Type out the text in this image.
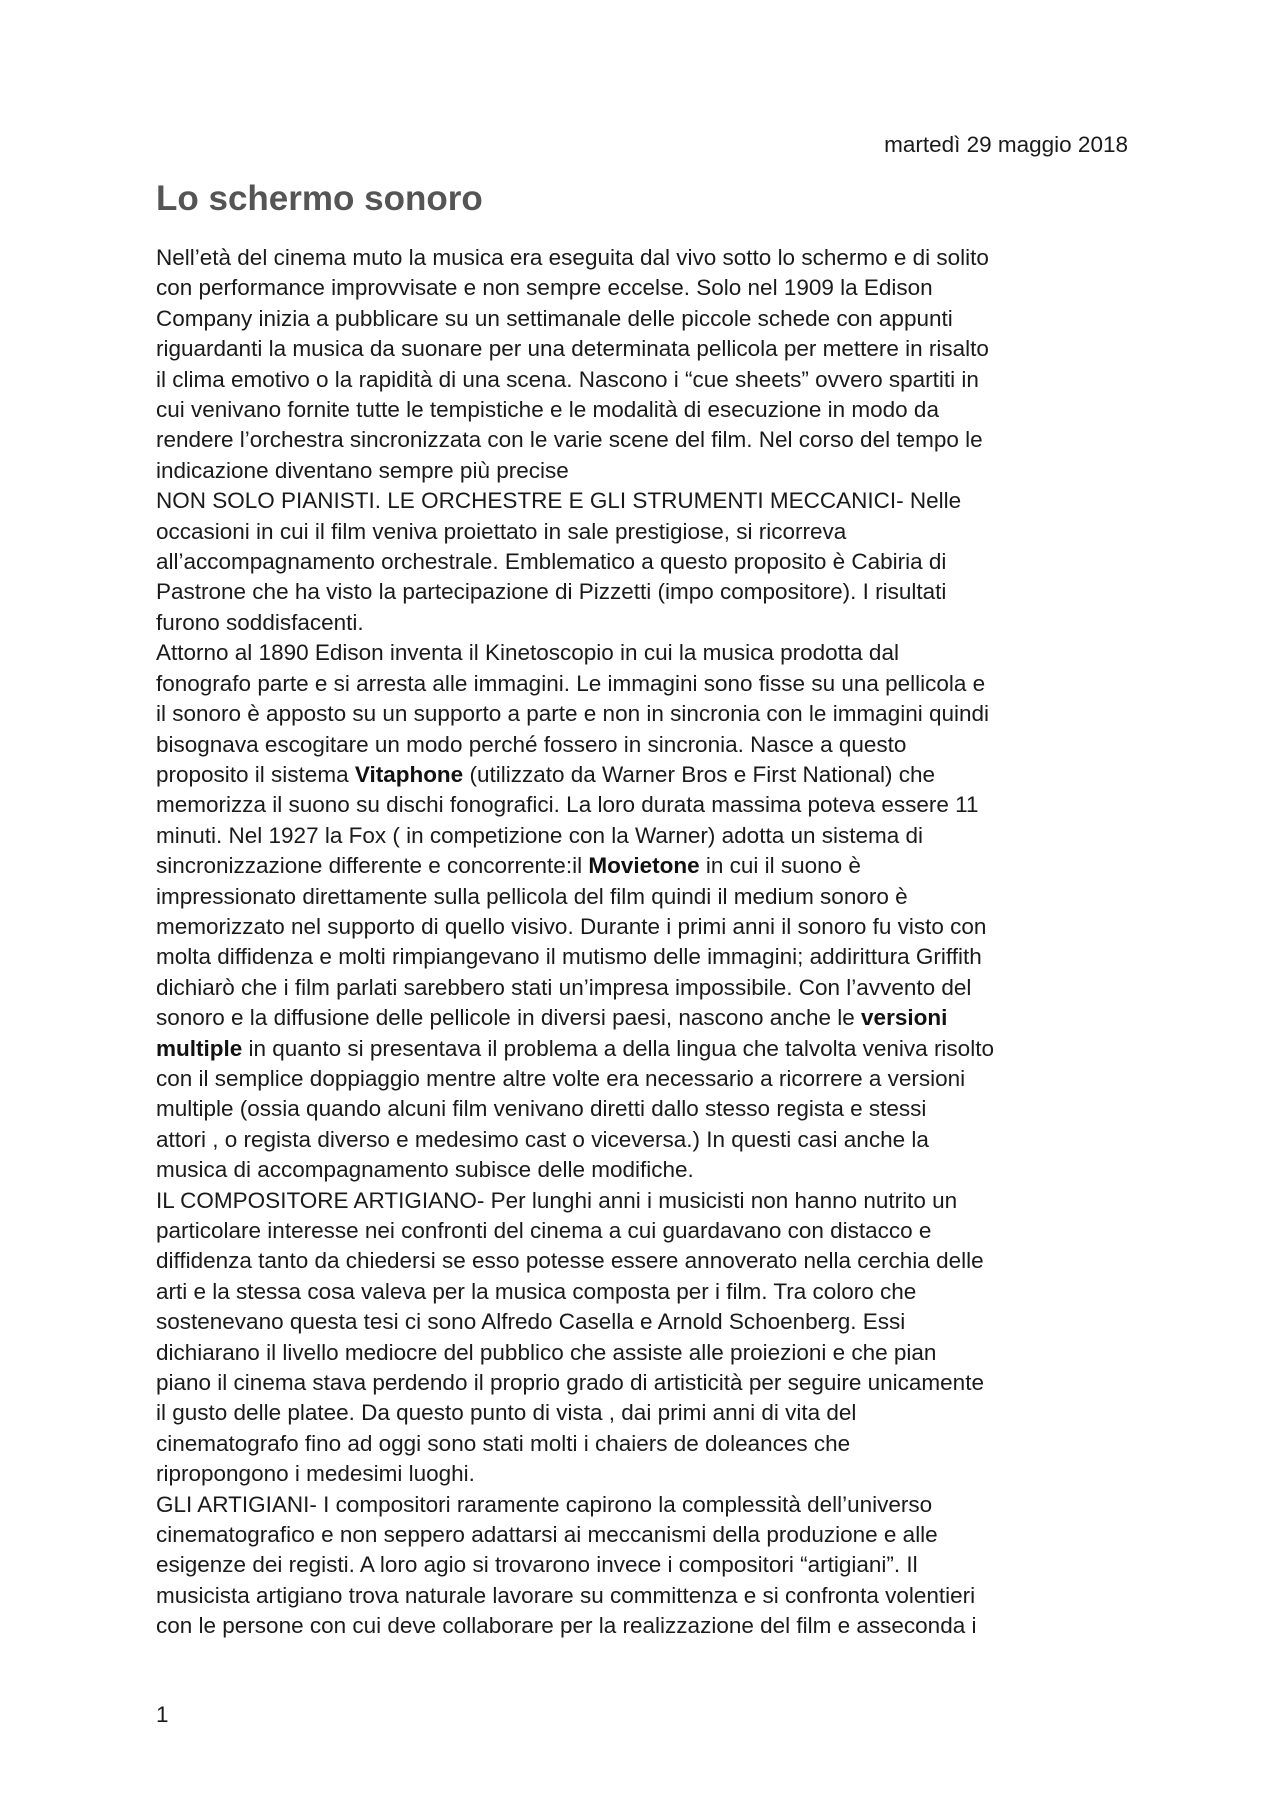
martedì 29 maggio 2018
Lo schermo sonoro
Nell’età del cinema muto la musica era eseguita dal vivo sotto lo schermo e di solito
con performance improvvisate e non sempre eccelse. Solo nel 1909 la Edison
Company inizia a pubblicare su un settimanale delle piccole schede con appunti
riguardanti la musica da suonare per una determinata pellicola per mettere in risalto
il clima emotivo o la rapidità di una scena. Nascono i “cue sheets” ovvero spartiti in
cui venivano fornite tutte le tempistiche e le modalità di esecuzione in modo da
rendere l’orchestra sincronizzata con le varie scene del film. Nel corso del tempo le
indicazione diventano sempre più precise
NON SOLO PIANISTI. LE ORCHESTRE E GLI STRUMENTI MECCANICI- Nelle
occasioni in cui il film veniva proiettato in sale prestigiose, si ricorreva
all’accompagnamento orchestrale. Emblematico a questo proposito è Cabiria di
Pastrone che ha visto la partecipazione di Pizzetti (impo compositore). I risultati
furono soddisfacenti.
Attorno al 1890 Edison inventa il Kinetoscopio in cui la musica prodotta dal
fonografo parte e si arresta alle immagini. Le immagini sono fisse su una pellicola e
il sonoro è apposto su un supporto a parte e non in sincronia con le immagini quindi
bisognava escogitare un modo perché fossero in sincronia. Nasce a questo
proposito il sistema Vitaphone (utilizzato da Warner Bros e First National) che
memorizza il suono su dischi fonografici. La loro durata massima poteva essere 11
minuti. Nel 1927 la Fox ( in competizione con la Warner) adotta un sistema di
sincronizzazione differente e concorrente:il Movietone in cui il suono è
impressionato direttamente sulla pellicola del film quindi il medium sonoro è
memorizzato nel supporto di quello visivo. Durante i primi anni il sonoro fu visto con
molta diffidenza e molti rimpiangevano il mutismo delle immagini; addirittura Griffith
dichiarò che i film parlati sarebbero stati un’impresa impossibile. Con l’avvento del
sonoro e la diffusione delle pellicole in diversi paesi, nascono anche le versioni
multiple in quanto si presentava il problema a della lingua che talvolta veniva risolto
con il semplice doppiaggio mentre altre volte era necessario a ricorrere a versioni
multiple (ossia quando alcuni film venivano diretti dallo stesso regista e stessi
attori , o regista diverso e medesimo cast o viceversa.) In questi casi anche la
musica di accompagnamento subisce delle modifiche.
IL COMPOSITORE ARTIGIANO- Per lunghi anni i musicisti non hanno nutrito un
particolare interesse nei confronti del cinema a cui guardavano con distacco e
diffidenza tanto da chiedersi se esso potesse essere annoverato nella cerchia delle
arti e la stessa cosa valeva per la musica composta per i film. Tra coloro che
sostenevano questa tesi ci sono Alfredo Casella e Arnold Schoenberg. Essi
dichiarano il livello mediocre del pubblico che assiste alle proiezioni e che pian
piano il cinema stava perdendo il proprio grado di artisticità per seguire unicamente
il gusto delle platee. Da questo punto di vista , dai primi anni di vita del
cinematografo fino ad oggi sono stati molti i chaiers de doleances che
ripropongono i medesimi luoghi.
GLI ARTIGIANI- I compositori raramente capirono la complessità dell’universo
cinematografico e non seppero adattarsi ai meccanismi della produzione e alle
esigenze dei registi. A loro agio si trovarono invece i compositori “artigiani”. Il
musicista artigiano trova naturale lavorare su committenza e si confronta volentieri
con le persone con cui deve collaborare per la realizzazione del film e asseconda i
1
